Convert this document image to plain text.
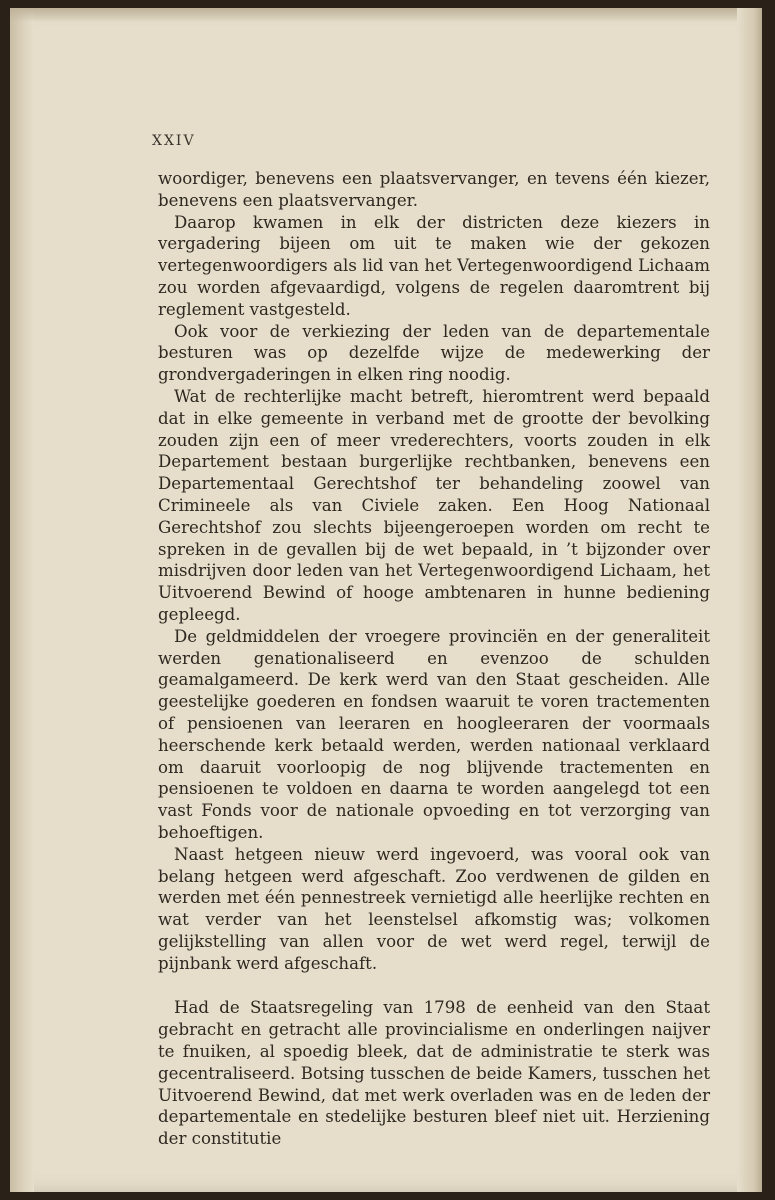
XXIV

woordiger, benevens een plaatsvervanger, en tevens één kiezer, benevens een plaatsvervanger.

Daarop kwamen in elk der districten deze kiezers in vergadering bijeen om uit te maken wie der gekozen vertegenwoordigers als lid van het Vertegenwoordigend Lichaam zou worden afgevaardigd, volgens de regelen daaromtrent bij reglement vastgesteld.

Ook voor de verkiezing der leden van de departementale besturen was op dezelfde wijze de medewerking der grondvergaderingen in elken ring noodig.

Wat de rechterlijke macht betreft, hieromtrent werd bepaald dat in elke gemeente in verband met de grootte der bevolking zouden zijn een of meer vrederechters, voorts zouden in elk Departement bestaan burgerlijke rechtbanken, benevens een Departementaal Gerechtshof ter behandeling zoowel van Crimineele als van Civiele zaken. Een Hoog Nationaal Gerechtshof zou slechts bijeengeroepen worden om recht te spreken in de gevallen bij de wet bepaald, in ’t bijzonder over misdrijven door leden van het Vertegenwoordigend Lichaam, het Uitvoerend Bewind of hooge ambtenaren in hunne bediening gepleegd.

De geldmiddelen der vroegere provinciën en der generaliteit werden genationaliseerd en evenzoo de schulden geamalgameerd. De kerk werd van den Staat gescheiden. Alle geestelijke goederen en fondsen waaruit te voren tractementen of pensioenen van leeraren en hoogleeraren der voormaals heerschende kerk betaald werden, werden nationaal verklaard om daaruit voorloopig de nog blijvende tractementen en pensioenen te voldoen en daarna te worden aangelegd tot een vast Fonds voor de nationale opvoeding en tot verzorging van behoeftigen.

Naast hetgeen nieuw werd ingevoerd, was vooral ook van belang hetgeen werd afgeschaft. Zoo verdwenen de gilden en werden met één pennestreek vernietigd alle heerlijke rechten en wat verder van het leenstelsel afkomstig was; volkomen gelijkstelling van allen voor de wet werd regel, terwijl de pijnbank werd afgeschaft.

Had de Staatsregeling van 1798 de eenheid van den Staat gebracht en getracht alle provincialisme en onderlingen naijver te fnuiken, al spoedig bleek, dat de administratie te sterk was gecentraliseerd. Botsing tusschen de beide Kamers, tusschen het Uitvoerend Bewind, dat met werk overladen was en de leden der departementale en stedelijke besturen bleef niet uit. Herziening der constitutie
